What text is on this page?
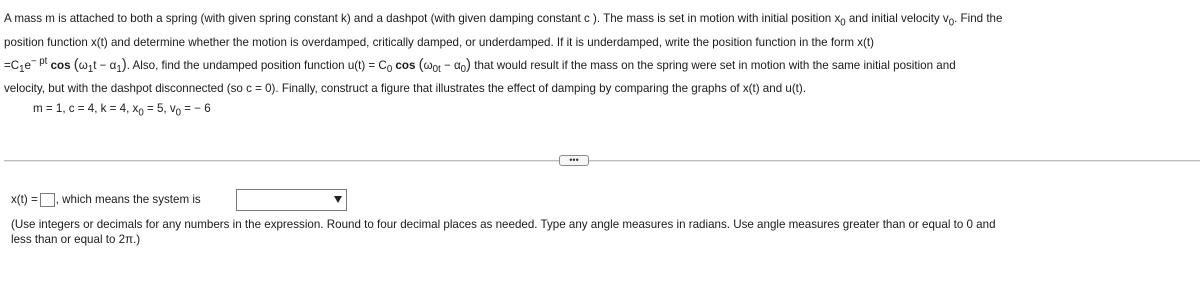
A mass m is attached to both a spring (with given spring constant k) and a dashpot (with given damping constant c ). The mass is set in motion with initial position $x_0$ and initial velocity $v_0$. Find the

position function x(t) and determine whether the motion is overdamped, critically damped, or underdamped. If it is underdamped, write the position function in the form x(t)

$=C_1e^{- pt}$ $\cos (\omega_1t - \alpha_1)$. Also, find the undamped position function $u(t) = C_0$ $\cos (\omega_{0t} - \alpha_0)$ that would result if the mass on the spring were set in motion with the same initial position and

velocity, but with the dashpot disconnected (so c = 0). Finally, construct a figure that illustrates the effect of damping by comparing the graphs of x(t) and u(t).

m = 1, c = 4, k = 4, $x_0 = 5$, $v_0$ = − 6
•••
x(t) = , which means the system is
(Use integers or decimals for any numbers in the expression. Round to four decimal places as needed. Type any angle measures in radians. Use angle measures greater than or equal to 0 and
less than or equal to 2π.)
